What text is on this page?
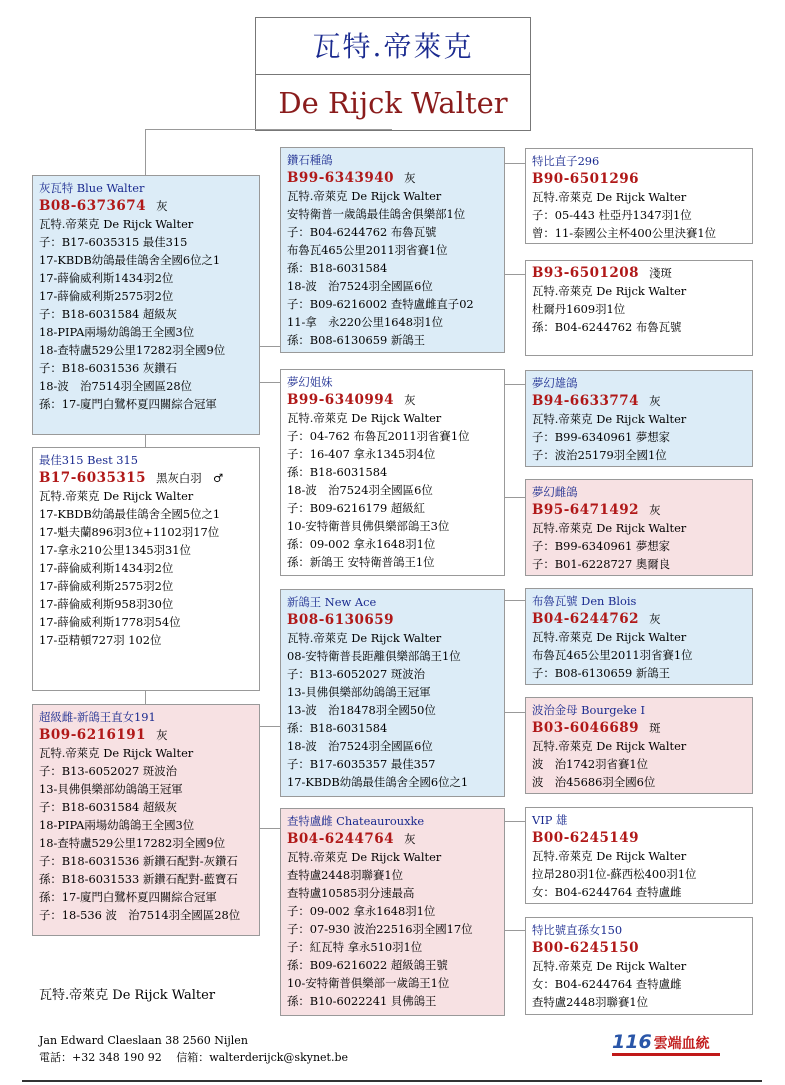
瓦特.帝萊克
De Rijck Walter
灰瓦特 Blue Walter
B08-6373674 灰
瓦特.帝萊克 De Rijck Walter
子：B17-6035315 最佳315
17-KBDB幼鴿最佳鴿舍全國6位之1
17-薛倫威利斯1434羽2位
17-薛倫威利斯2575羽2位
子：B18-6031584 超級灰
18-PIPA兩場幼鴿鴿王全國3位
18-查特盧529公里17282羽全國9位
子：B18-6031536 灰鑽石
18-波　治7514羽全國區28位
孫：17-廈門白鷺杯夏四關綜合冠軍
最佳315 Best 315
B17-6035315 黑灰白羽　♂
瓦特.帝萊克 De Rijck Walter
17-KBDB幼鴿最佳鴿舍全國5位之1
17-魁夫蘭896羽3位+1102羽17位
17-拿永210公里1345羽31位
17-薛倫威利斯1434羽2位
17-薛倫威利斯2575羽2位
17-薛倫威利斯958羽30位
17-薛倫威利斯1778羽54位
17-亞精頓727羽 102位
超級雌-新鴿王直女191
B09-6216191 灰
瓦特.帝萊克 De Rijck Walter
子：B13-6052027 斑波治
13-貝佛俱樂部幼鴿鴿王冠軍
子：B18-6031584 超級灰
18-PIPA兩場幼鴿鴿王全國3位
18-查特盧529公里17282羽全國9位
子：B18-6031536 新鑽石配對-灰鑽石
孫：B18-6031533 新鑽石配對-藍寶石
孫：17-廈門白鷺杯夏四關綜合冠軍
子：18-536 波　治7514羽全國區28位
鑽石種鴿
B99-6343940 灰
瓦特.帝萊克 De Rijck Walter
安特衛普一歲鴿最佳鴿舍俱樂部1位
子：B04-6244762 布魯瓦號
布魯瓦465公里2011羽省賽1位
孫：B18-6031584
18-波　治7524羽全國區6位
子：B09-6216002 查特盧雌直子02
11-拿　永220公里1648羽1位
孫：B08-6130659 新鴿王
夢幻姐妹
B99-6340994 灰
瓦特.帝萊克 De Rijck Walter
子：04-762 布魯瓦2011羽省賽1位
子：16-407 拿永1345羽4位
孫：B18-6031584
18-波　治7524羽全國區6位
子：B09-6216179 超級紅
10-安特衛普貝佛俱樂部鴿王3位
孫：09-002 拿永1648羽1位
孫：新鴿王 安特衛普鴿王1位
新鴿王 New Ace
B08-6130659
瓦特.帝萊克 De Rijck Walter
08-安特衛普長距離俱樂部鴿王1位
子：B13-6052027 斑波治
13-貝佛俱樂部幼鴿鴿王冠軍
13-波　治18478羽全國50位
孫：B18-6031584
18-波　治7524羽全國區6位
子：B17-6035357 最佳357
17-KBDB幼鴿最佳鴿舍全國6位之1
查特盧雌 Chateaurouxke
B04-6244764 灰
瓦特.帝萊克 De Rijck Walter
查特盧2448羽聯賽1位
查特盧10585羽分速最高
子：09-002 拿永1648羽1位
子：07-930 波治22516羽全國17位
子：紅瓦特 拿永510羽1位
孫：B09-6216022 超級鴿王號
10-安特衛普俱樂部一歲鴿王1位
孫：B10-6022241 貝佛鴿王
特比直子296
B90-6501296
瓦特.帝萊克 De Rijck Walter
子：05-443 杜亞丹1347羽1位
曾：11-泰國公主杯400公里決賽1位
B93-6501208 淺斑
瓦特.帝萊克 De Rijck Walter
杜爾丹1609羽1位
孫：B04-6244762 布魯瓦號
夢幻雄鴿
B94-6633774 灰
瓦特.帝萊克 De Rijck Walter
子：B99-6340961 夢想家
子：波治25179羽全國1位
夢幻雌鴿
B95-6471492 灰
瓦特.帝萊克 De Rijck Walter
子：B99-6340961 夢想家
子：B01-6228727 奧爾良
布魯瓦號 Den Blois
B04-6244762 灰
瓦特.帝萊克 De Rijck Walter
布魯瓦465公里2011羽省賽1位
子：B08-6130659 新鴿王
波治金母 Bourgeke I
B03-6046689 斑
瓦特.帝萊克 De Rijck Walter
波　治1742羽省賽1位
波　治45686羽全國6位
VIP 雄
B00-6245149
瓦特.帝萊克 De Rijck Walter
拉昂280羽1位-蘇西松400羽1位
女：B04-6244764 查特盧雌
特比號直孫女150
B00-6245150
瓦特.帝萊克 De Rijck Walter
女：B04-6244764 查特盧雌
查特盧2448羽聯賽1位
瓦特.帝萊克 De Rijck Walter
Jan Edward Claeslaan 38 2560 Nijlen
電話：+32 348 190 92　 信箱：walterderijck@skynet.be
116 雲端血統
